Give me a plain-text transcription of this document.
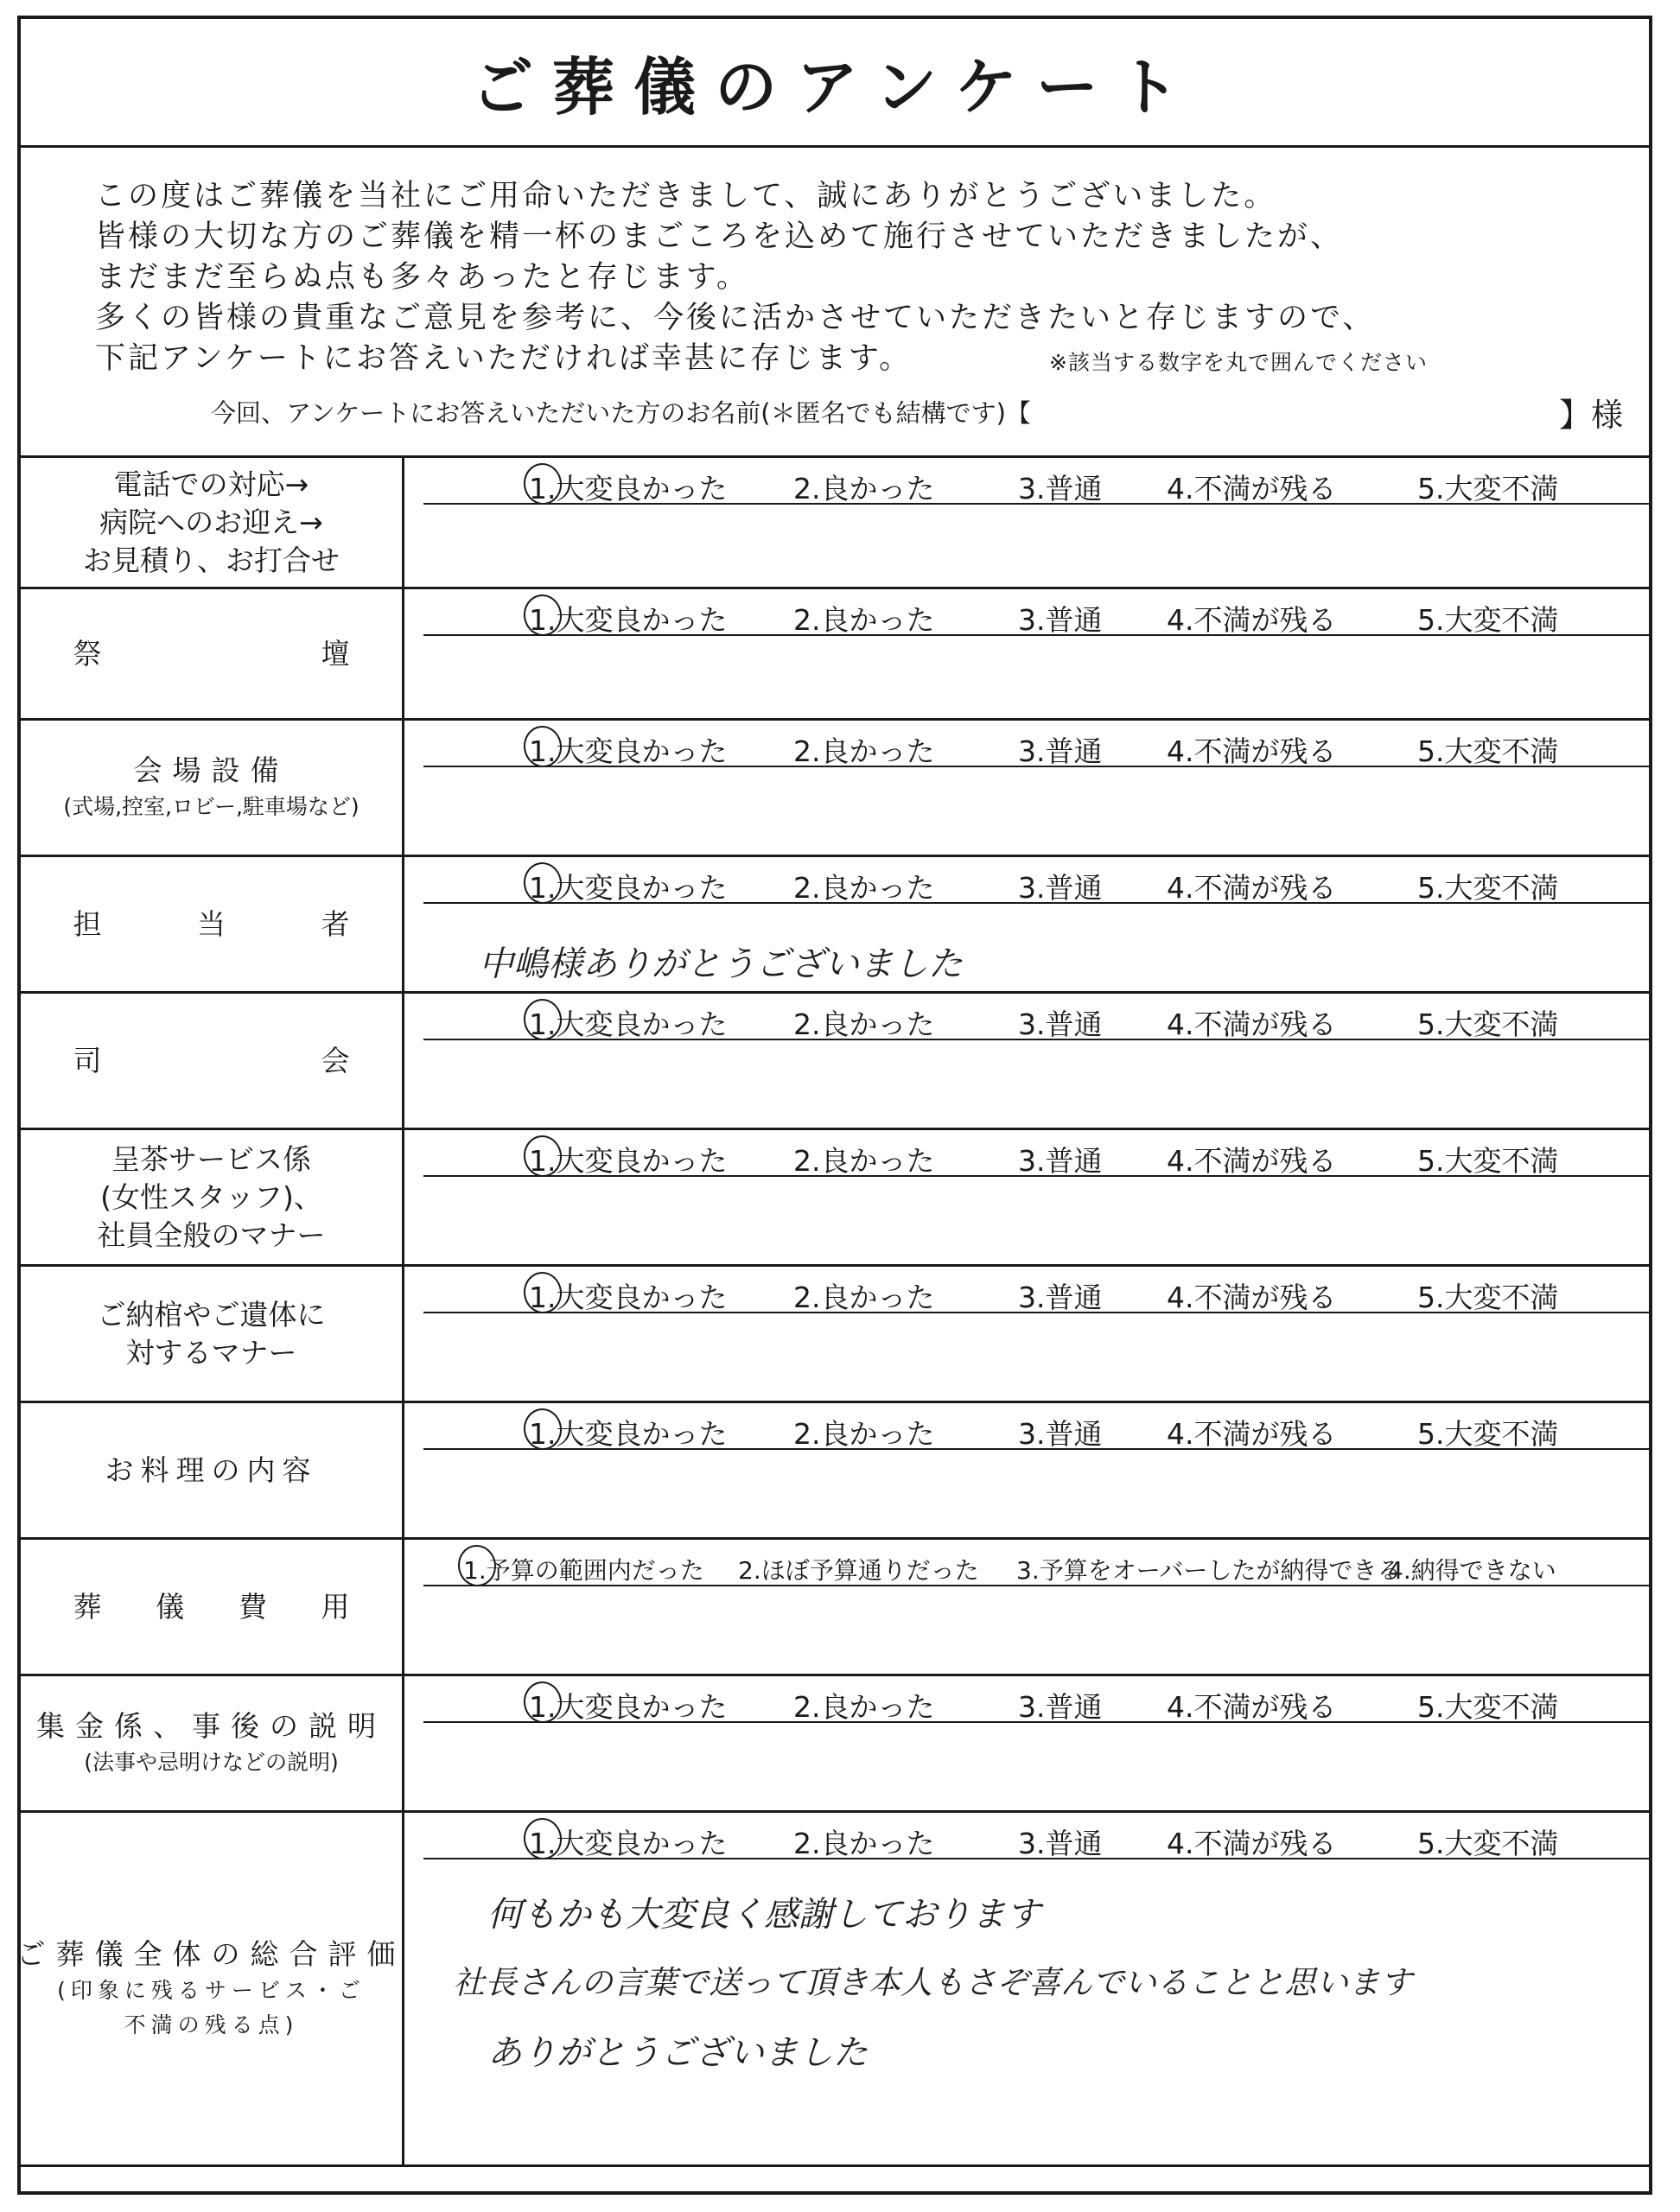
ご葬儀のアンケート

この度はご葬儀を当社にご用命いただきまして、誠にありがとうございました。

皆様の大切な方のご葬儀を精一杯のまごころを込めて施行させていただきましたが、

まだまだ至らぬ点も多々あったと存じます。

多くの皆様の貴重なご意見を参考に、今後に活かさせていただきたいと存じますので、

下記アンケートにお答えいただければ幸甚に存じます。	※該当する数字を丸で囲んでください
今回、アンケートにお答えいただいた方のお名前(＊匿名でも結構です)【	】様
電話での対応→
病院へのお迎え→
お見積り、お打合せ
1.大変良かった 2.良かった	3.普通 4.不満が残る	5.大変不満
祭	壇
1.大変良かった 2.良かった	3.普通 4.不満が残る	5.大変不満
会場設備
(式場,控室,ロビー,駐車場など)
1.大変良かった 2.良かった	3.普通 4.不満が残る	5.大変不満
担	当	者
1.大変良かった 2.良かった	3.普通 4.不満が残る	5.大変不満
中嶋様ありがとうございました
司	会
1.大変良かった 2.良かった	3.普通 4.不満が残る	5.大変不満
呈茶サービス係
(女性スタッフ)、
社員全般のマナー
1.大変良かった 2.良かった	3.普通 4.不満が残る	5.大変不満
ご納棺やご遺体に
対するマナー
1.大変良かった 2.良かった	3.普通 4.不満が残る	5.大変不満
お料理の内容
1.大変良かった 2.良かった	3.普通 4.不満が残る	5.大変不満
葬 儀 費 用
1.予算の範囲内だった 2.ほぼ予算通りだった 3.予算をオーバーしたが納得できる
4.納得できない
集金係、事後の説明
(法事や忌明けなどの説明)
1.大変良かった 2.良かった	3.普通 4.不満が残る	5.大変不満
ご葬儀全体の総合評価
(印象に残るサービス・ご不満の残る点)
1.大変良かった 2.良かった	3.普通 4.不満が残る	5.大変不満
何もかも大変良く感謝しております
社長さんの言葉で送って頂き本人もさぞ喜んでいることと思います
ありがとうございました
